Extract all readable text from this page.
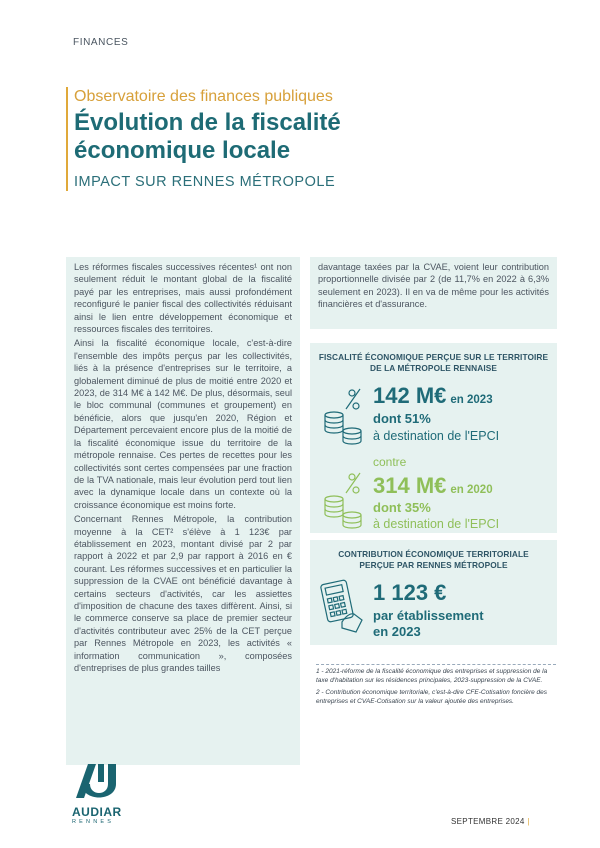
FINANCES
Observatoire des finances publiques
Évolution de la fiscalité
économique locale
IMPACT SUR RENNES MÉTROPOLE

Les réformes fiscales successives récentes¹ ont non seulement réduit le montant global de la fiscalité payé par les entreprises, mais aussi profondément reconfiguré le panier fiscal des collectivités réduisant ainsi le lien entre développement économique et ressources fiscales des territoires.

Ainsi la fiscalité économique locale, c'est-à-dire l'ensemble des impôts perçus par les collectivités, liés à la présence d'entreprises sur le territoire, a globalement diminué de plus de moitié entre 2020 et 2023, de 314 M€ à 142 M€. De plus, désormais, seul le bloc communal (communes et groupement) en bénéficie, alors que jusqu'en 2020, Région et Département percevaient encore plus de la moitié de la fiscalité économique issue du territoire de la métropole rennaise. Ces pertes de recettes pour les collectivités sont certes compensées par une fraction de la TVA nationale, mais leur évolution perd tout lien avec la dynamique locale dans un contexte où la croissance économique est moins forte.

Concernant Rennes Métropole, la contribution moyenne à la CET² s'élève à 1 123€ par établissement en 2023, montant divisé par 2 par rapport à 2022 et par 2,9 par rapport à 2016 en € courant. Les réformes successives et en particulier la suppression de la CVAE ont bénéficié davantage à certains secteurs d'activités, car les assiettes d'imposition de chacune des taxes diffèrent. Ainsi, si le commerce conserve sa place de premier secteur d'activités contributeur avec 25% de la CET perçue par Rennes Métropole en 2023, les activités « information communication », composées d'entreprises de plus grandes tailles

davantage taxées par la CVAE, voient leur contribution proportionnelle divisée par 2 (de 11,7% en 2022 à 6,3% seulement en 2023). Il en va de même pour les activités financières et d'assurance.

FISCALITÉ ÉCONOMIQUE PERÇUE SUR LE TERRITOIRE
DE LA MÉTROPOLE RENNAISE
142 M€ en 2023
dont 51%
à destination de l'EPCI
contre
314 M€ en 2020
dont 35%
à destination de l'EPCI
CONTRIBUTION ÉCONOMIQUE TERRITORIALE
PERÇUE PAR RENNES MÉTROPOLE
1 123 €
par établissement
en 2023

1 - 2021-réforme de la fiscalité économique des entreprises et suppression de la taxe d'habitation sur les résidences principales, 2023-suppression de la CVAE.

2 - Contribution économique territoriale, c'est-à-dire CFE-Cotisation foncière des entreprises et CVAE-Cotisation sur la valeur ajoutée des entreprises.

AUDIAR
RENNES	SEPTEMBRE 2024 |
